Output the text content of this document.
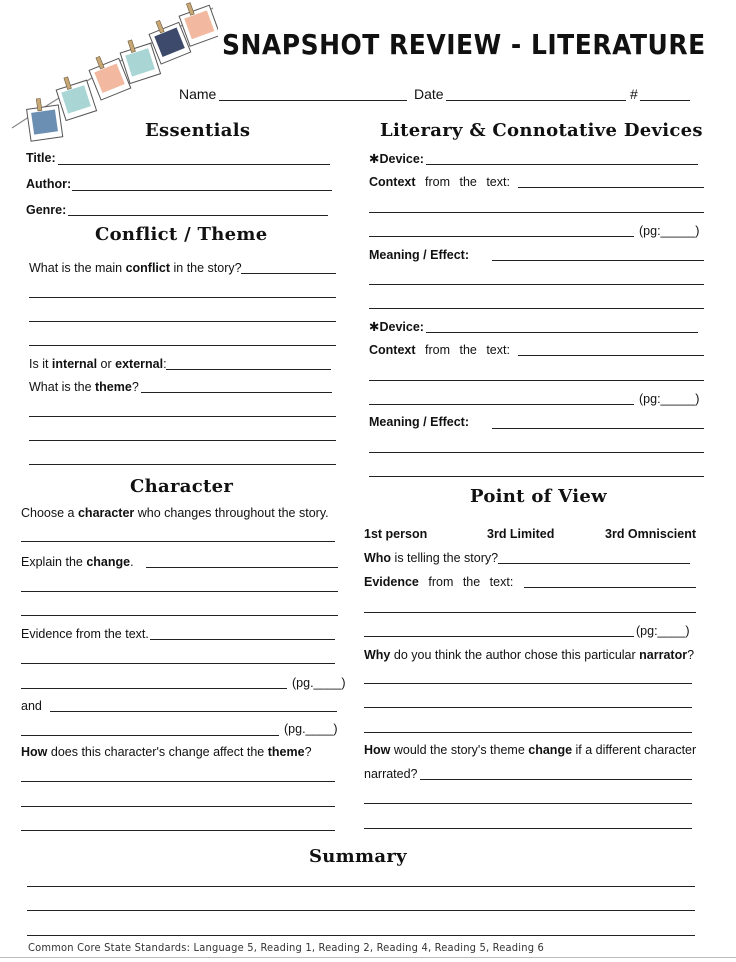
SNAPSHOT REVIEW - LITERATURE
Name	Date	#
Essentials
Title:
Author:
Genre:
Conflict / Theme
What is the main conflict in the story?
Is it internal or external:
What is the theme?
Character
Choose a character who changes throughout the story.
Explain the change.
Evidence from the text.
(pg.____)
and
(pg.____)
How does this character's change affect the theme?
Literary & Connotative Devices
✱Device:
Context from the text:
(pg:_____)
Meaning / Effect:
✱Device:
Context from the text:
(pg:_____)
Meaning / Effect:
Point of View
1st person	3rd Limited	3rd Omniscient
Who is telling the story?
Evidence from the text:
(pg:____)
Why do you think the author chose this particular narrator?
How would the story's theme change if a different character
narrated?
Summary
Common Core State Standards: Language 5, Reading 1, Reading 2, Reading 4, Reading 5, Reading 6
